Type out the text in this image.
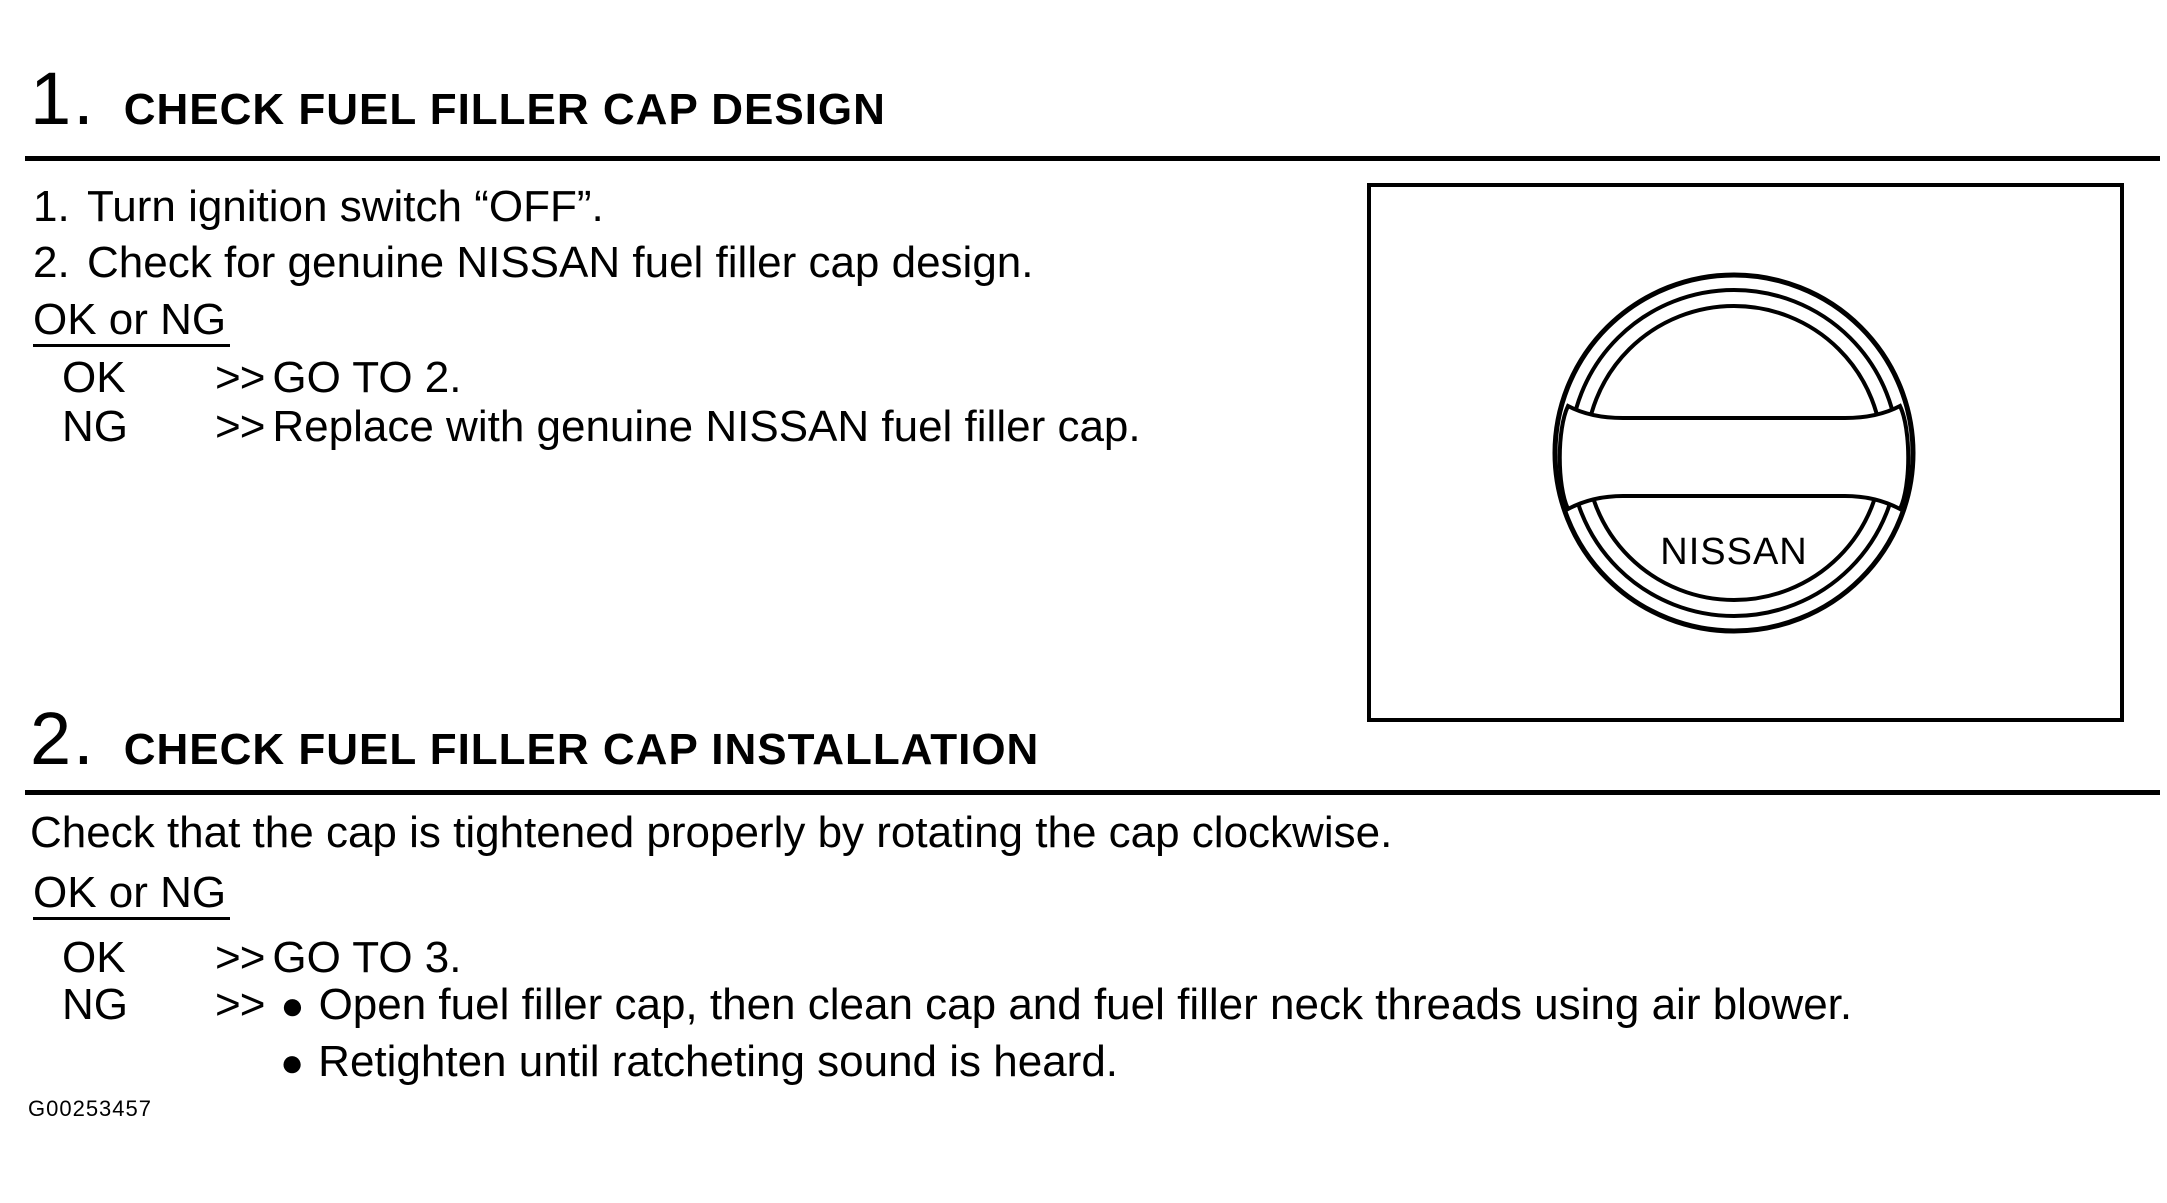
1. CHECK FUEL FILLER CAP DESIGN
1. Turn ignition switch “OFF”.
2. Check for genuine NISSAN fuel filler cap design.
OK or NG
OK >> GO TO 2.
NG >> Replace with genuine NISSAN fuel filler cap.
NISSAN
2. CHECK FUEL FILLER CAP INSTALLATION
Check that the cap is tightened properly by rotating the cap clockwise.
OK or NG
OK >> GO TO 3.
NG >> ● Open fuel filler cap, then clean cap and fuel filler neck threads using air blower.
● Retighten until ratcheting sound is heard.
G00253457
